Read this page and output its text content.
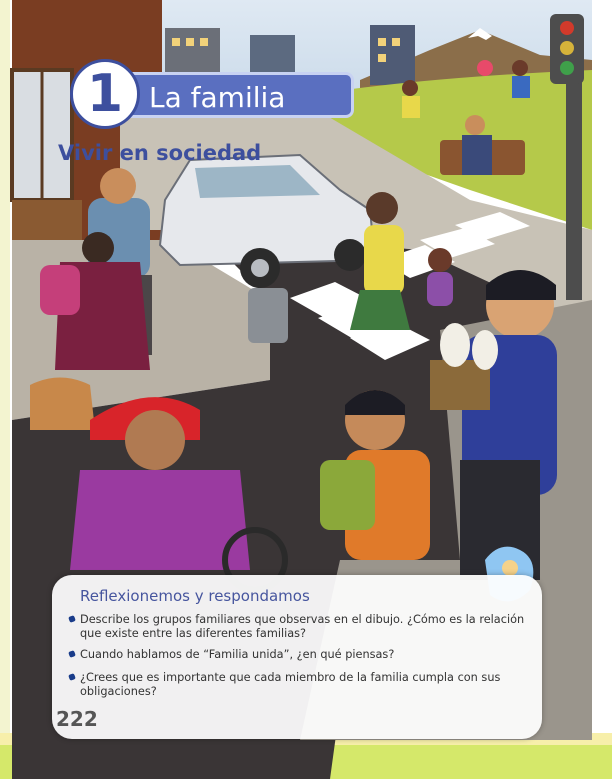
1 La familia
Vivir en sociedad
Reflexionemos y respondamos
Describe los grupos familiares que observas en el dibujo. ¿Cómo es la relación que existe entre las diferentes familias?
Cuando hablamos de “Familia unida”, ¿en qué piensas?
¿Crees que es importante que cada miembro de la familia cumpla con sus obligaciones?
222
